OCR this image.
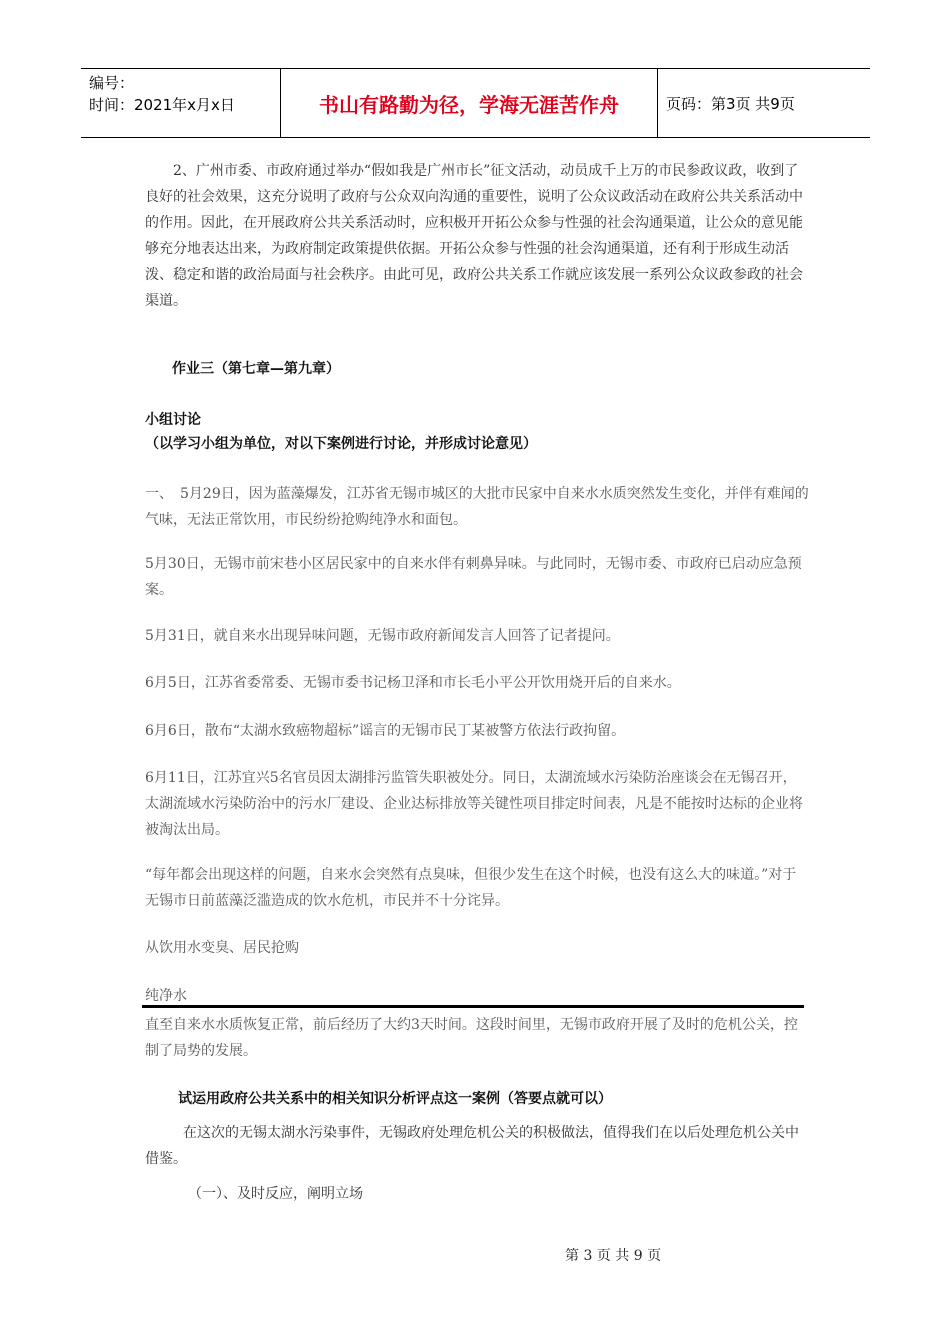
编号：
时间：2021年x月x日	书山有路勤为径，学海无涯苦作舟	页码：第3页 共9页
2、广州市委、市政府通过举办“假如我是广州市长”征文活动，动员成千上万的市民参政议政，收到了良好的社会效果，这充分说明了政府与公众双向沟通的重要性，说明了公众议政活动在政府公共关系活动中的作用。因此，在开展政府公共关系活动时，应积极开开拓公众参与性强的社会沟通渠道，让公众的意见能够充分地表达出来，为政府制定政策提供依据。开拓公众参与性强的社会沟通渠道，还有利于形成生动活泼、稳定和谐的政治局面与社会秩序。由此可见，政府公共关系工作就应该发展一系列公众议政参政的社会渠道。
作业三（第七章—第九章）
小组讨论
（以学习小组为单位，对以下案例进行讨论，并形成讨论意见）
一、　5月29日，因为蓝藻爆发，江苏省无锡市城区的大批市民家中自来水水质突然发生变化，并伴有难闻的气味，无法正常饮用，市民纷纷抢购纯净水和面包。
5月30日，无锡市前宋巷小区居民家中的自来水伴有刺鼻异味。与此同时，无锡市委、市政府已启动应急预案。
5月31日，就自来水出现异味问题，无锡市政府新闻发言人回答了记者提问。
6月5日，江苏省委常委、无锡市委书记杨卫泽和市长毛小平公开饮用烧开后的自来水。
6月6日，散布“太湖水致癌物超标”谣言的无锡市民丁某被警方依法行政拘留。
6月11日，江苏宜兴5名官员因太湖排污监管失职被处分。同日，太湖流域水污染防治座谈会在无锡召开，太湖流域水污染防治中的污水厂建设、企业达标排放等关键性项目排定时间表，凡是不能按时达标的企业将被淘汰出局。
“每年都会出现这样的问题，自来水会突然有点臭味，但很少发生在这个时候，也没有这么大的味道。”对于无锡市日前蓝藻泛滥造成的饮水危机，市民并不十分诧异。
从饮用水变臭、居民抢购
纯净水
直至自来水水质恢复正常，前后经历了大约3天时间。这段时间里，无锡市政府开展了及时的危机公关，控制了局势的发展。
试运用政府公共关系中的相关知识分析评点这一案例（答要点就可以）
在这次的无锡太湖水污染事件，无锡政府处理危机公关的积极做法，值得我们在以后处理危机公关中借鉴。
（一）、及时反应，阐明立场
第 3 页 共 9 页
